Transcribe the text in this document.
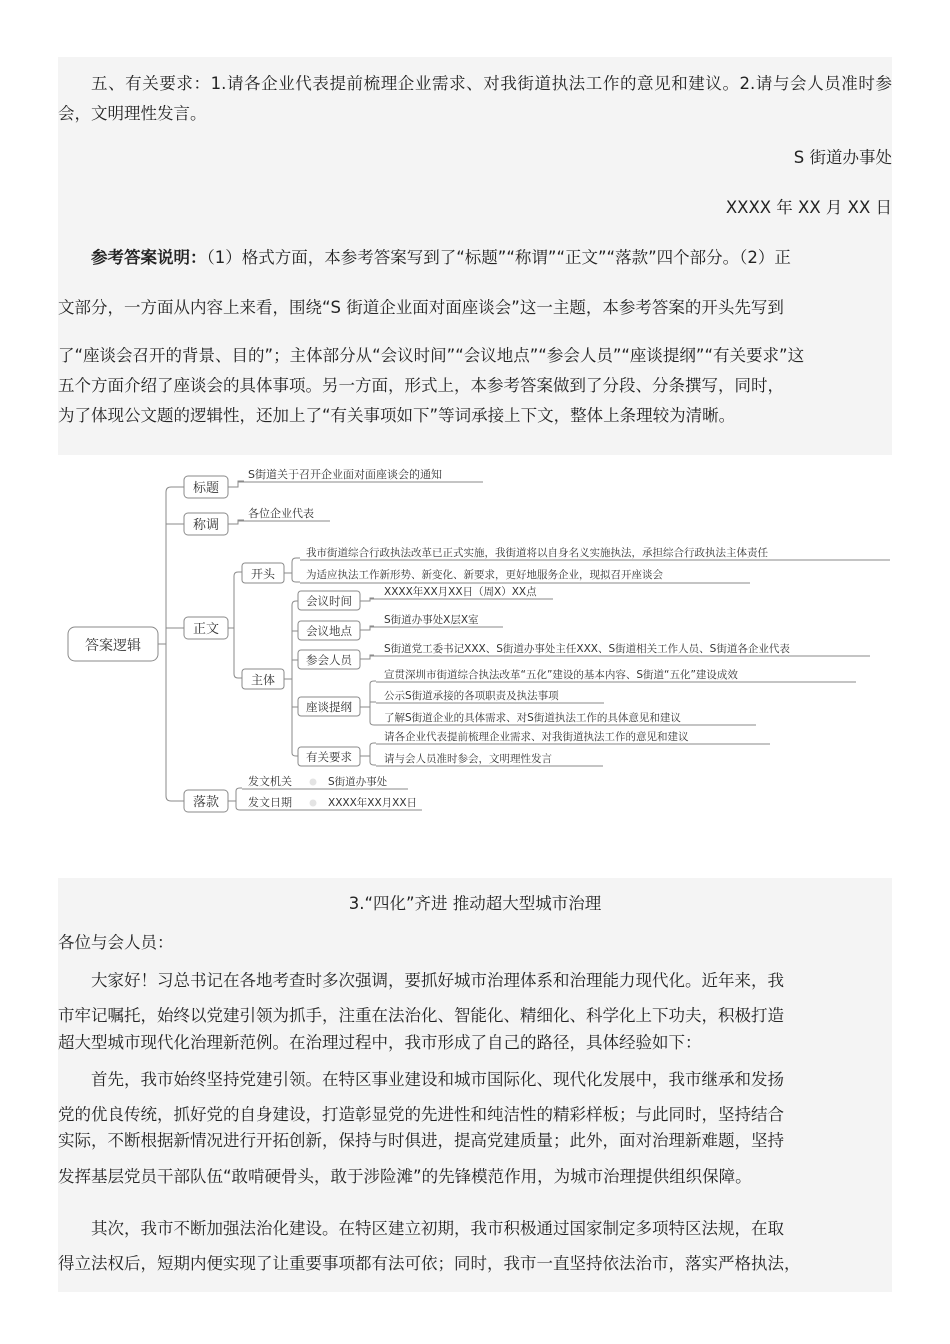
五、有关要求：1.请各企业代表提前梳理企业需求、对我街道执法工作的意见和建议。2.请与会人员准时参会，文明理性发言。
S 街道办事处
XXXX 年 XX 月 XX 日
参考答案说明：（1）格式方面，本参考答案写到了“标题”“称谓”“正文”“落款”四个部分。（2）正
文部分，一方面从内容上来看，围绕“S 街道企业面对面座谈会”这一主题，本参考答案的开头先写到
了“座谈会召开的背景、目的”；主体部分从“会议时间”“会议地点”“参会人员”“座谈提纲”“有关要求”这
五个方面介绍了座谈会的具体事项。另一方面，形式上，本参考答案做到了分段、分条撰写，同时，
为了体现公文题的逻辑性，还加上了“有关事项如下”等词承接上下文，整体上条理较为清晰。
答案逻辑
标题
称调
正文
落款
S街道关于召开企业面对面座谈会的通知
各位企业代表
开头
主体
我市街道综合行政执法改革已正式实施，我街道将以自身名义实施执法，承担综合行政执法主体责任
为适应执法工作新形势、新变化、新要求，更好地服务企业，现拟召开座谈会
会议时间
会议地点
参会人员
座谈提纲
有关要求
XXXX年XX月XX日（周X）XX点
S街道办事处X层X室
S街道党工委书记XXX、S街道办事处主任XXX、S街道相关工作人员、S街道各企业代表
宣贯深圳市街道综合执法改革“五化”建设的基本内容、S街道“五化”建设成效
公示S街道承接的各项职责及执法事项
了解S街道企业的具体需求、对S街道执法工作的具体意见和建议
请各企业代表提前梳理企业需求、对我街道执法工作的意见和建议
请与会人员准时参会，文明理性发言
发文机关	S街道办事处
发文日期	XXXX年XX月XX日
3.“四化”齐进 推动超大型城市治理
各位与会人员：
大家好！习总书记在各地考查时多次强调，要抓好城市治理体系和治理能力现代化。近年来，我
市牢记嘱托，始终以党建引领为抓手，注重在法治化、智能化、精细化、科学化上下功夫，积极打造
超大型城市现代化治理新范例。在治理过程中，我市形成了自己的路径，具体经验如下：
首先，我市始终坚持党建引领。在特区事业建设和城市国际化、现代化发展中，我市继承和发扬
党的优良传统，抓好党的自身建设，打造彰显党的先进性和纯洁性的精彩样板；与此同时，坚持结合
实际，不断根据新情况进行开拓创新，保持与时俱进，提高党建质量；此外，面对治理新难题，坚持
发挥基层党员干部队伍“敢啃硬骨头，敢于涉险滩”的先锋模范作用，为城市治理提供组织保障。
其次，我市不断加强法治化建设。在特区建立初期，我市积极通过国家制定多项特区法规，在取
得立法权后，短期内便实现了让重要事项都有法可依；同时，我市一直坚持依法治市，落实严格执法，
